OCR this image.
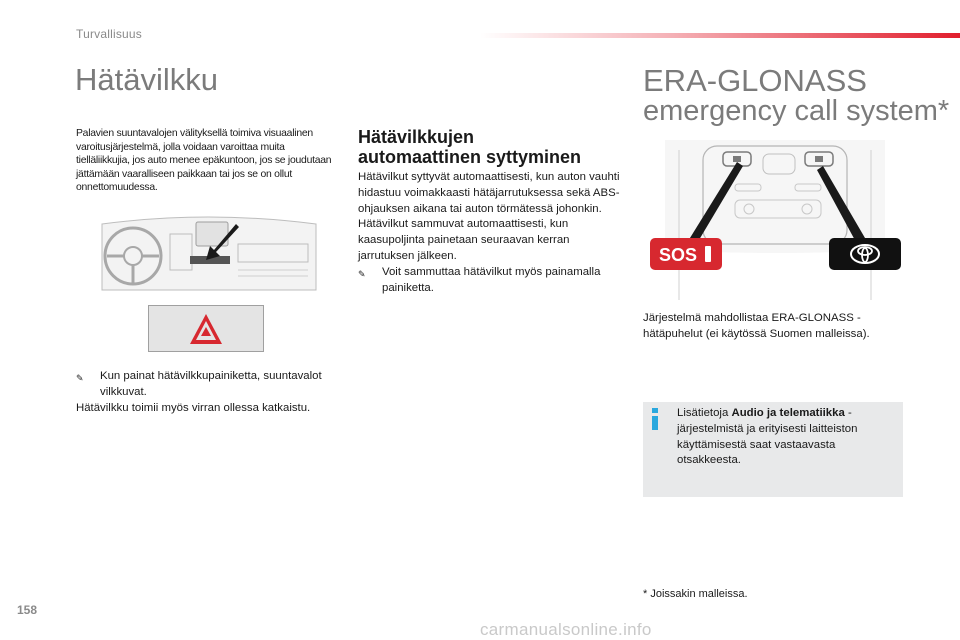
Turvallisuus
Hätävilkku
Palavien suuntavalojen välityksellä toimiva visuaalinen varoitusjärjestelmä, jolla voidaan varoittaa muita tielläliikkujia, jos auto menee epäkuntoon, jos se joudutaan jättämään vaaralliseen paikkaan tai jos se on ollut onnettomuudessa.
✎	Kun painat hätävilkkupainiketta, suuntavalot vilkkuvat.
Hätävilkku toimii myös virran ollessa katkaistu.
Hätävilkkujen
automaattinen syttyminen
Hätävilkut syttyvät automaattisesti, kun auton vauhti hidastuu voimakkaasti hätäjarrutuksessa sekä ABS-ohjauksen aikana tai auton törmätessä johonkin.
Hätävilkut sammuvat automaattisesti, kun kaasupoljinta painetaan seuraavan kerran jarrutuksen jälkeen.
✎	Voit sammuttaa hätävilkut myös painamalla painiketta.
ERA-GLONASS
emergency call system*
SOS
Järjestelmä mahdollistaa ERA-GLONASS -hätäpuhelut (ei käytössä Suomen malleissa).
Lisätietoja Audio ja telematiikka -järjestelmistä ja erityisesti laitteiston käyttämisestä saat vastaavasta otsakkeesta.
* Joissakin malleissa.
158
carmanualsonline.info
